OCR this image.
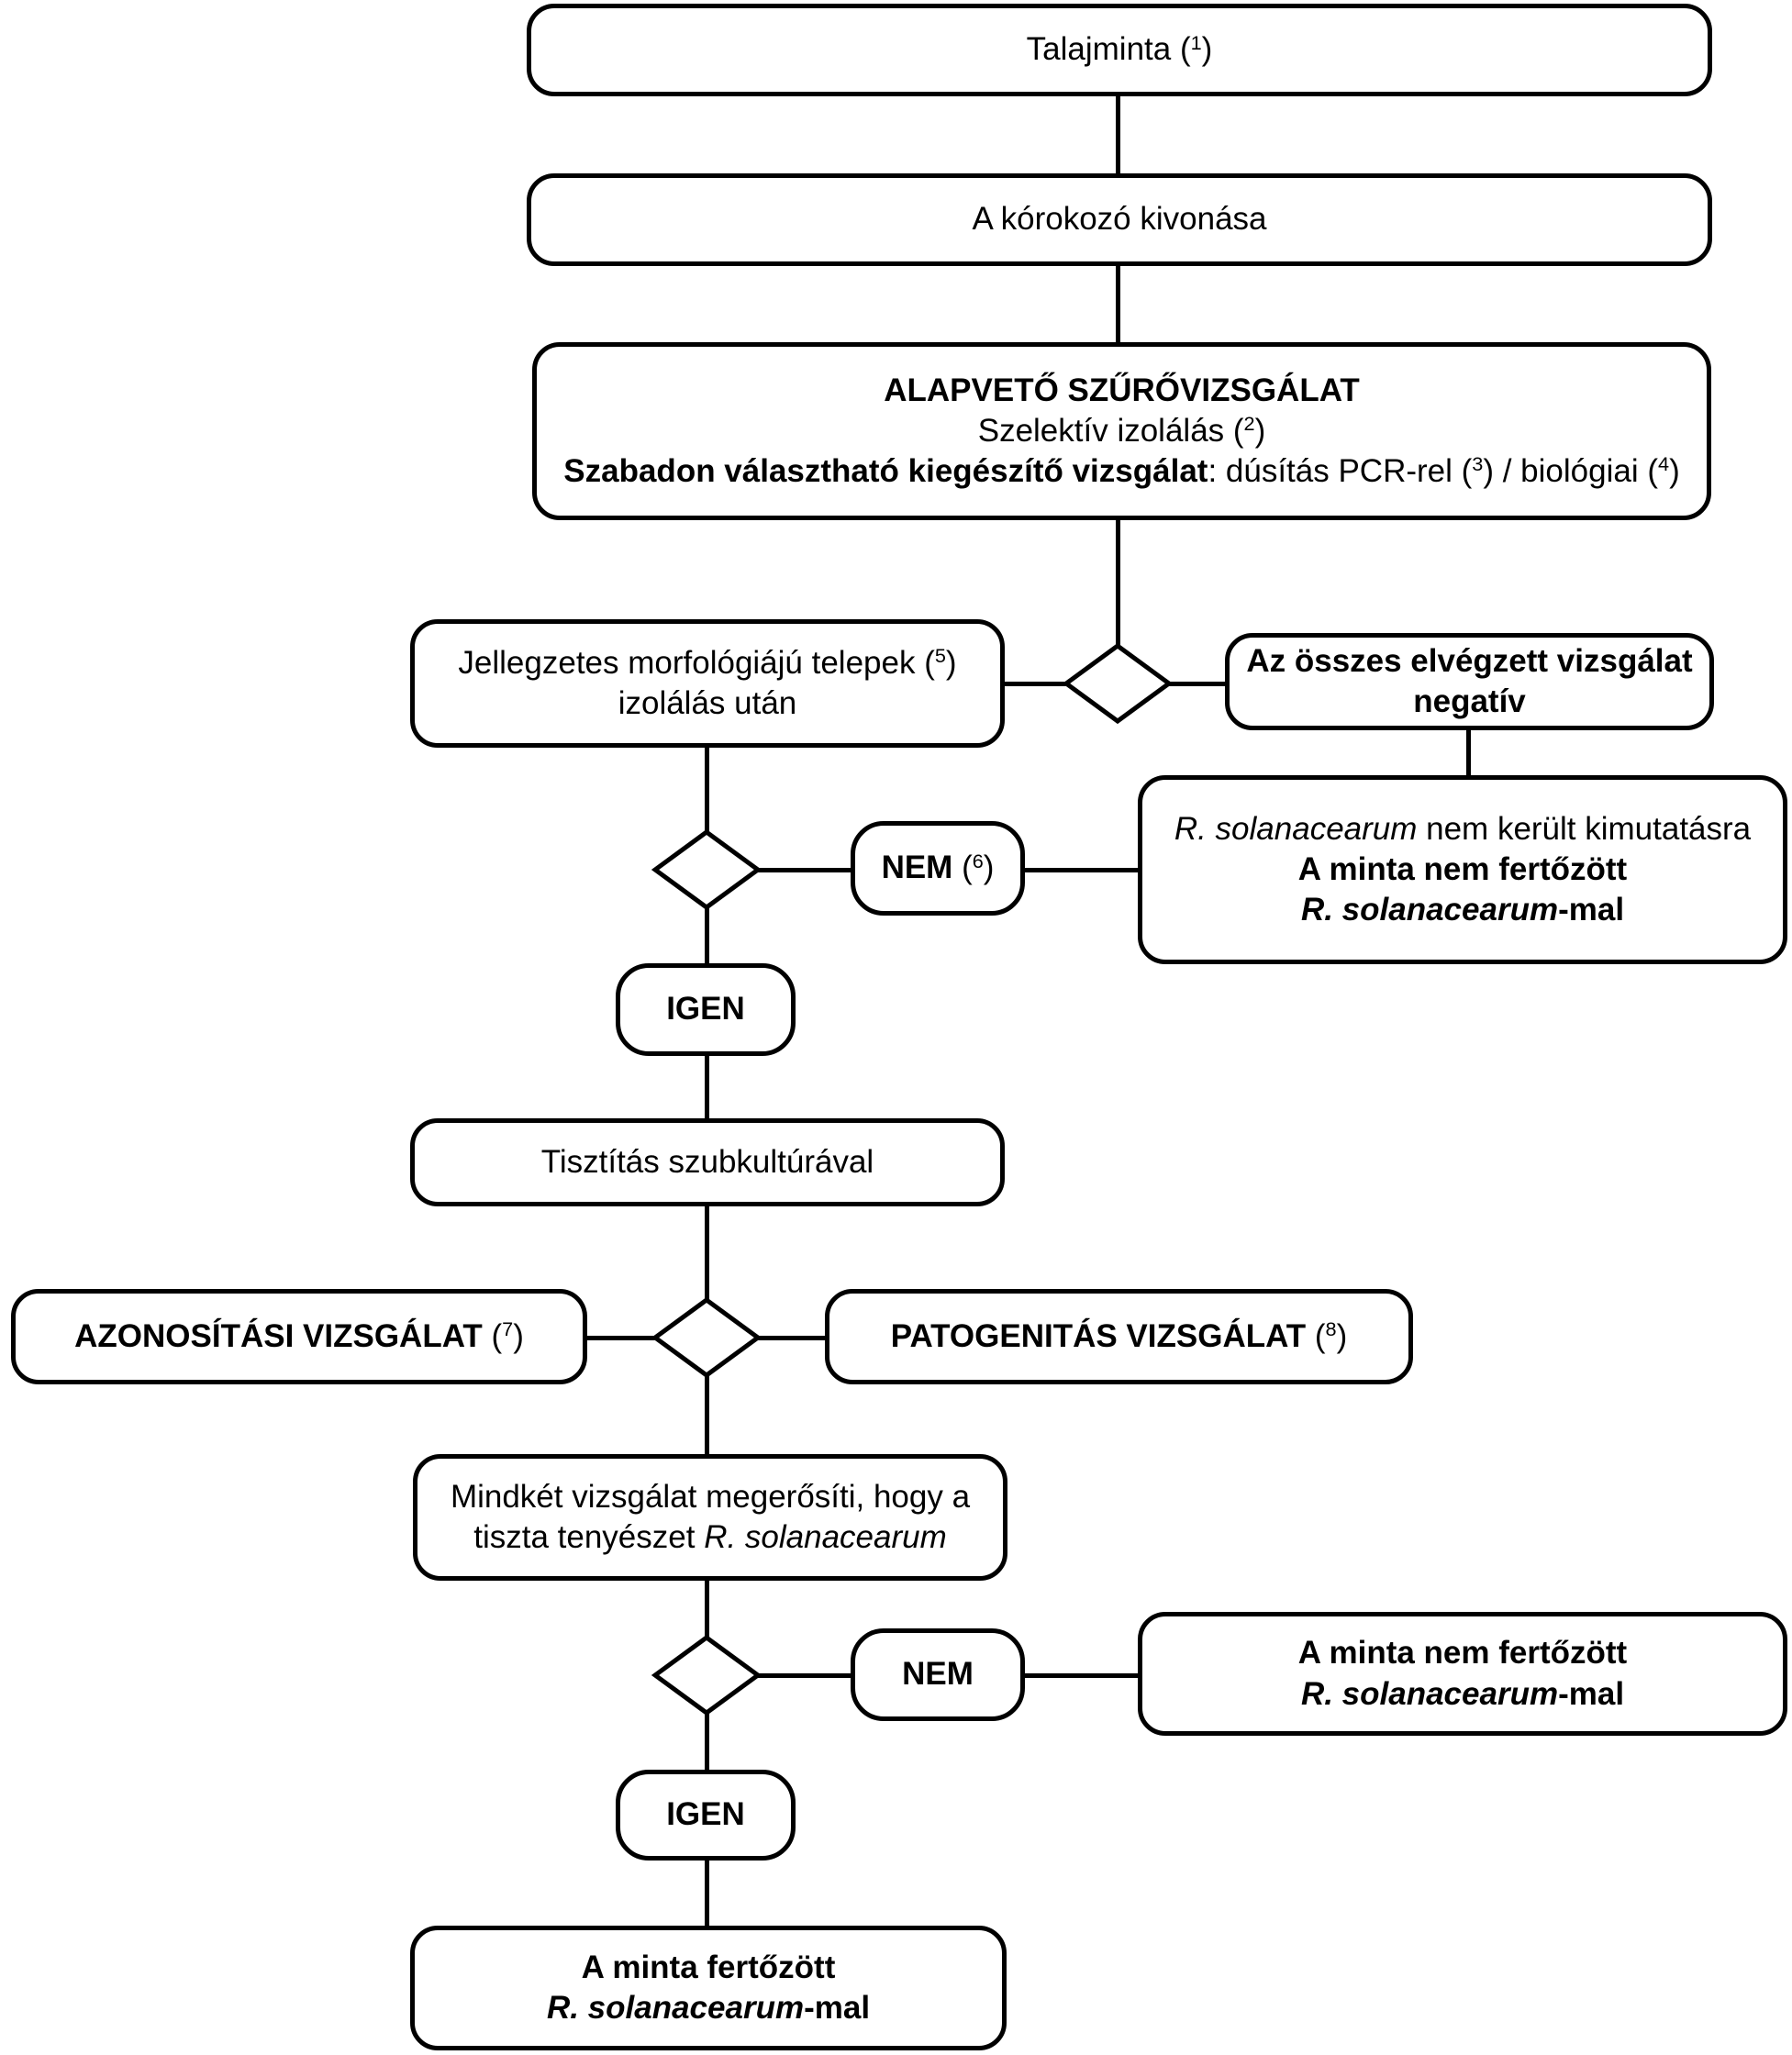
Talajminta ($^1$)
A kórokozó kivonása
ALAPVETŐ SZŰRŐVIZSGÁLAT
Szelektív izolálás ($^2$)
Szabadon választható kiegészítő vizsgálat: dúsítás PCR-rel ($^3$) / biológiai ($^4$)
Jellegzetes morfológiájú telepek ($^5$)
izolálás után
Az összes elvégzett vizsgálat
negatív
R. solanacearum nem került kimutatásra
A minta nem fertőzött
R. solanacearum-mal
NEM ($^6$)
IGEN
Tisztítás szubkultúrával
AZONOSÍTÁSI VIZSGÁLAT ($^7$)	PATOGENITÁS VIZSGÁLAT ($^8$)
Mindkét vizsgálat megerősíti, hogy a
tiszta tenyészet R. solanacearum
NEM
A minta nem fertőzött
R. solanacearum-mal
IGEN
A minta fertőzött
R. solanacearum-mal
